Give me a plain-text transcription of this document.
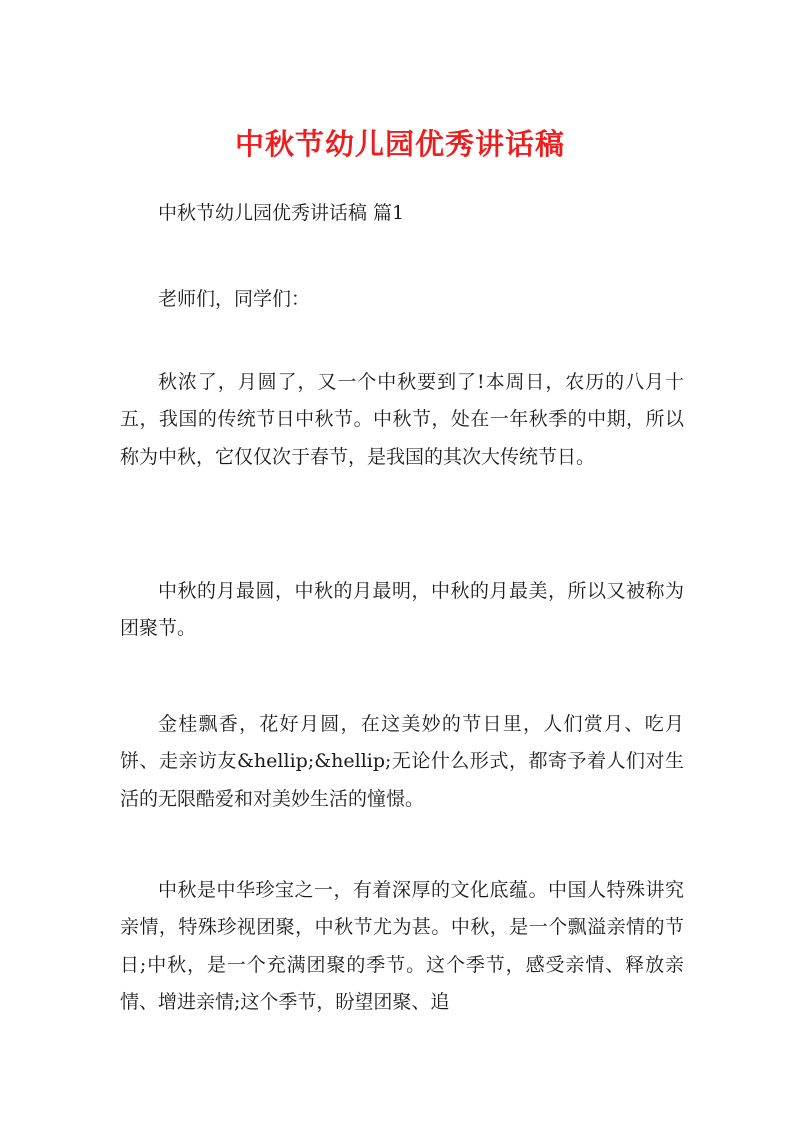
中秋节幼儿园优秀讲话稿

中秋节幼儿园优秀讲话稿 篇1

老师们，同学们：

秋浓了，月圆了，又一个中秋要到了!本周日，农历的八月十五，我国的传统节日中秋节。中秋节，处在一年秋季的中期，所以称为中秋，它仅仅次于春节，是我国的其次大传统节日。

中秋的月最圆，中秋的月最明，中秋的月最美，所以又被称为团聚节。

金桂飘香，花好月圆，在这美妙的节日里，人们赏月、吃月饼、走亲访友&hellip;&hellip;无论什么形式，都寄予着人们对生活的无限酷爱和对美妙生活的憧憬。

中秋是中华珍宝之一，有着深厚的文化底蕴。中国人特殊讲究亲情，特殊珍视团聚，中秋节尤为甚。中秋，是一个飘溢亲情的节日;中秋，是一个充满团聚的季节。这个季节，感受亲情、释放亲情、增进亲情;这个季节，盼望团聚、追
